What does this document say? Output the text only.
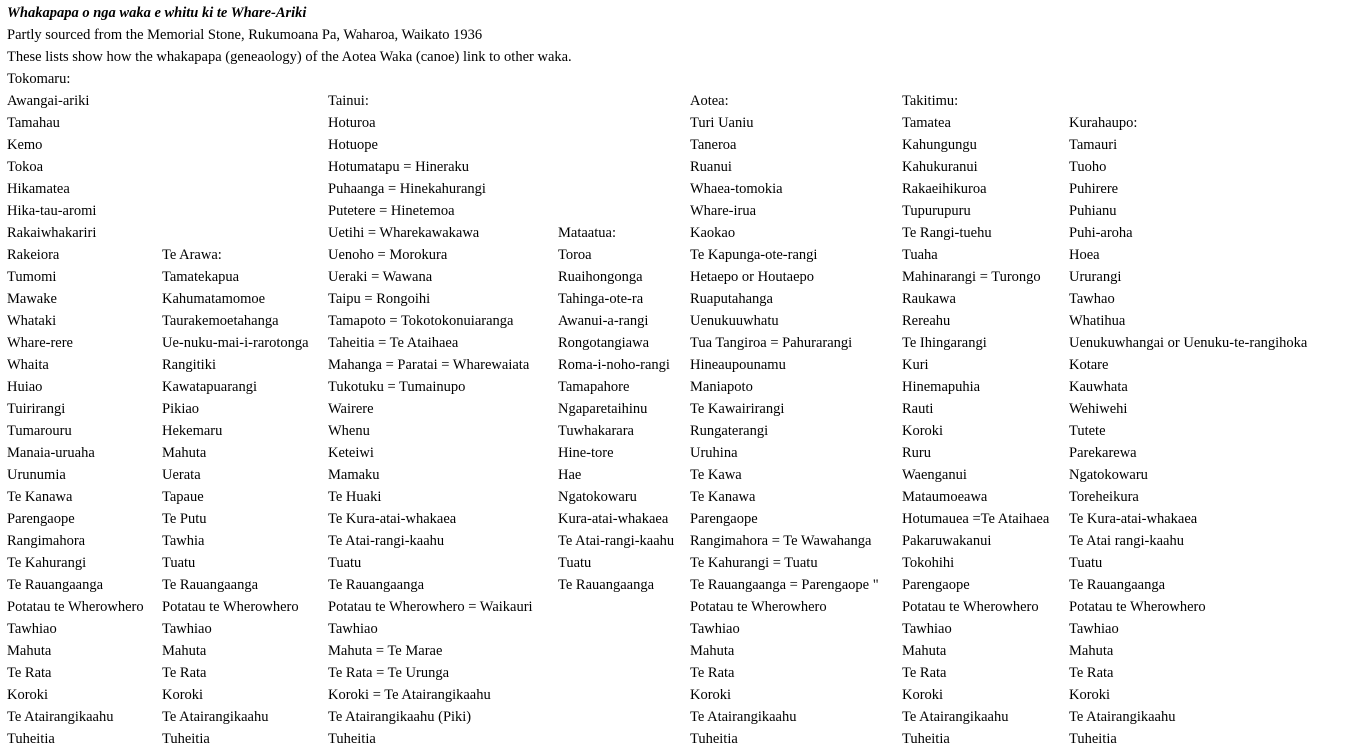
Whakapapa o nga waka e whitu ki te Whare-Ariki
Partly sourced from the Memorial Stone, Rukumoana Pa, Waharoa, Waikato 1936
These lists show how the whakapapa (geneaology) of the Aotea Waka (canoe) link to other waka.
Tokomaru:
Awangai-ariki		Tainui:		Aotea:	Takitimu:	
Tamahau		Hoturoa		Turi Uaniu	Tamatea	Kurahaupo:
Kemo		Hotuope		Taneroa	Kahungungu	Tamauri
Tokoa		Hotumatapu = Hineraku		Ruanui	Kahukuranui	Tuoho
Hikamatea		Puhaanga = Hinekahurangi		Whaea-tomokia	Rakaeihikuroa	Puhirere
Hika-tau-aromi		Putetere = Hinetemoa		Whare-irua	Tupurupuru	Puhianu
Rakaiwhakariri		Uetihi = Wharekawakawa	Mataatua:	Kaokao	Te Rangi-tuehu	Puhi-aroha
Rakeiora	Te Arawa:	Uenoho = Morokura	Toroa	Te Kapunga-ote-rangi	Tuaha	Hoea
Tumomi	Tamatekapua	Ueraki = Wawana	Ruaihongonga	Hetaepo or Houtaepo	Mahinarangi = Turongo	Ururangi
Mawake	Kahumatamomoe	Taipu = Rongoihi	Tahinga-ote-ra	Ruaputahanga	Raukawa	Tawhao
Whataki	Taurakemoetahanga	Tamapoto = Tokotokonuiaranga	Awanui-a-rangi	Uenukuuwhatu	Rereahu	Whatihua
Whare-rere	Ue-nuku-mai-i-rarotonga	Taheitia = Te Ataihaea	Rongotangiawa	Tua Tangiroa = Pahurarangi	Te Ihingarangi	Uenukuwhangai or Uenuku-te-rangihoka
Whaita	Rangitiki	Mahanga = Paratai = Wharewaiata	Roma-i-noho-rangi	Hineaupounamu	Kuri	Kotare
Huiao	Kawatapuarangi	Tukotuku = Tumainupo	Tamapahore	Maniapoto	Hinemapuhia	Kauwhata
Tuirirangi	Pikiao	Wairere	Ngaparetaihinu	Te Kawairirangi	Rauti	Wehiwehi
Tumarouru	Hekemaru	Whenu	Tuwhakarara	Rungaterangi	Koroki	Tutete
Manaia-uruaha	Mahuta	Keteiwi	Hine-tore	Uruhina	Ruru	Parekarewa
Urunumia	Uerata	Mamaku	Hae	Te Kawa	Waenganui	Ngatokowaru
Te Kanawa	Tapaue	Te Huaki	Ngatokowaru	Te Kanawa	Mataumoeawa	Toreheikura
Parengaope	Te Putu	Te Kura-atai-whakaea	Kura-atai-whakaea	Parengaope	Hotumauea =Te Ataihaea	Te Kura-atai-whakaea
Rangimahora	Tawhia	Te Atai-rangi-kaahu	Te Atai-rangi-kaahu	Rangimahora = Te Wawahanga	Pakaruwakanui	Te Atai rangi-kaahu
Te Kahurangi	Tuatu	Tuatu	Tuatu	Te Kahurangi = Tuatu	Tokohihi	Tuatu
Te Rauangaanga	Te Rauangaanga	Te Rauangaanga	Te Rauangaanga	Te Rauangaanga = Parengaope "	Parengaope	Te Rauangaanga
Potatau te Wherowhero	Potatau te Wherowhero	Potatau te Wherowhero = Waikauri		Potatau te Wherowhero	Potatau te Wherowhero	Potatau te Wherowhero
Tawhiao	Tawhiao	Tawhiao		Tawhiao	Tawhiao	Tawhiao
Mahuta	Mahuta	Mahuta = Te Marae		Mahuta	Mahuta	Mahuta
Te Rata	Te Rata	Te Rata = Te Urunga		Te Rata	Te Rata	Te Rata
Koroki	Koroki	Koroki = Te Atairangikaahu		Koroki	Koroki	Koroki
Te Atairangikaahu	Te Atairangikaahu	Te Atairangikaahu (Piki)		Te Atairangikaahu	Te Atairangikaahu	Te Atairangikaahu
Tuheitia	Tuheitia	Tuheitia		Tuheitia	Tuheitia	Tuheitia
